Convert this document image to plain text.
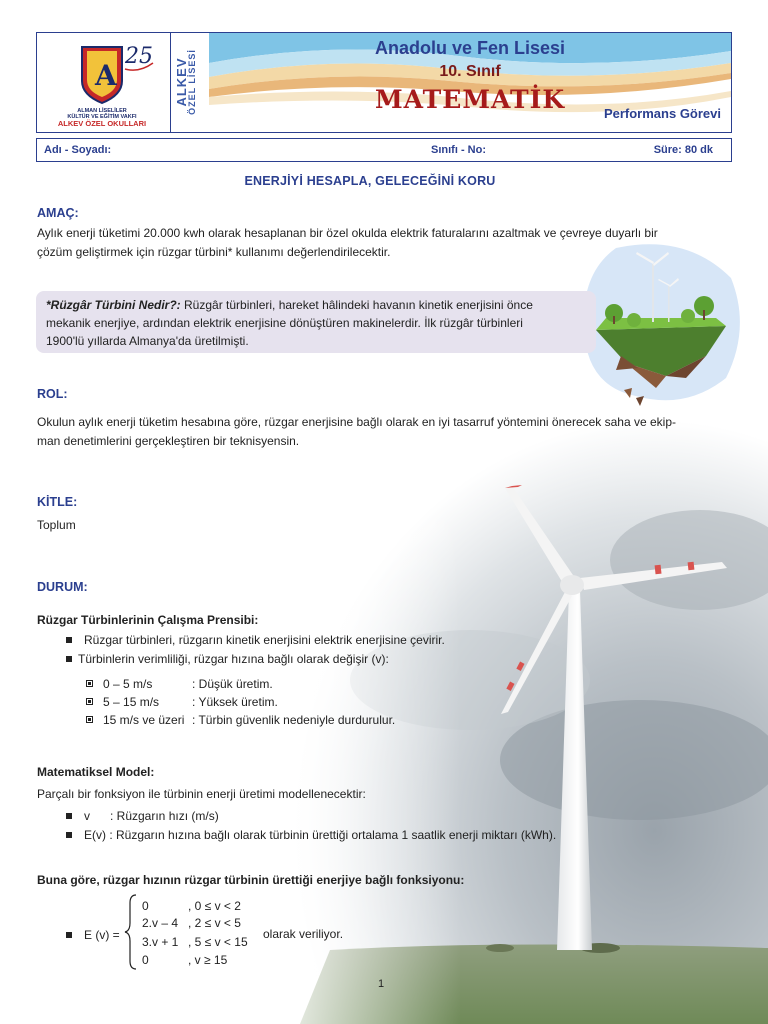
A
25
ALMAN LİSELİLER
KÜLTÜR VE EĞİTİM VAKFI
ALKEV ÖZEL OKULLARI
ALKEV
ÖZEL LİSESİ
Anadolu ve Fen Lisesi
10. Sınıf
MATEMATİK	Performans Görevi
Adı - Soyadı:	Sınıfı - No:	Süre: 80 dk
ENERJİYİ HESAPLA, GELECEĞİNİ KORU
AMAÇ:
Aylık enerji tüketimi 20.000 kwh olarak hesaplanan bir özel okulda elektrik faturalarını azaltmak ve çevreye duyarlı bir
çözüm geliştirmek için rüzgar türbini* kullanımı değerlendirilecektir.
*Rüzgâr Türbini Nedir?: Rüzgâr türbinleri, hareket hâlindeki havanın kinetik enerjisini önce
mekanik enerjiye, ardından elektrik enerjisine dönüştüren makinelerdir. İlk rüzgâr türbinleri
1900'lü yıllarda Almanya'da üretilmişti.
ROL:
Okulun aylık enerji tüketim hesabına göre, rüzgar enerjisine bağlı olarak en iyi tasarruf yöntemini önerecek saha ve ekip-
man denetimlerini gerçekleştiren bir teknisyensin.
KİTLE:
Toplum
DURUM:
Rüzgar Türbinlerinin Çalışma Prensibi:
Rüzgar türbinleri, rüzgarın kinetik enerjisini elektrik enerjisine çevirir.
Türbinlerin verimliliği, rüzgar hızına bağlı olarak değişir (v):
0 – 5 m/s	: Düşük üretim.
5 – 15 m/s	: Yüksek üretim.
15 m/s ve üzeri : Türbin güvenlik nedeniyle durdurulur.
Matematiksel Model:
Parçalı bir fonksiyon ile türbinin enerji üretimi modellenecektir:
v : Rüzgarın hızı (m/s)
E(v) : Rüzgarın hızına bağlı olarak türbinin ürettiği ortalama 1 saatlik enerji miktarı (kWh).
Buna göre, rüzgar hızının rüzgar türbinin ürettiği enerjiye bağlı fonksiyonu:
E (v) =
0	, 0 ≤ v < 2
2.v – 4 , 2 ≤ v < 5
3.v + 1 , 5 ≤ v < 15
0	, v ≥ 15
olarak veriliyor.
1
